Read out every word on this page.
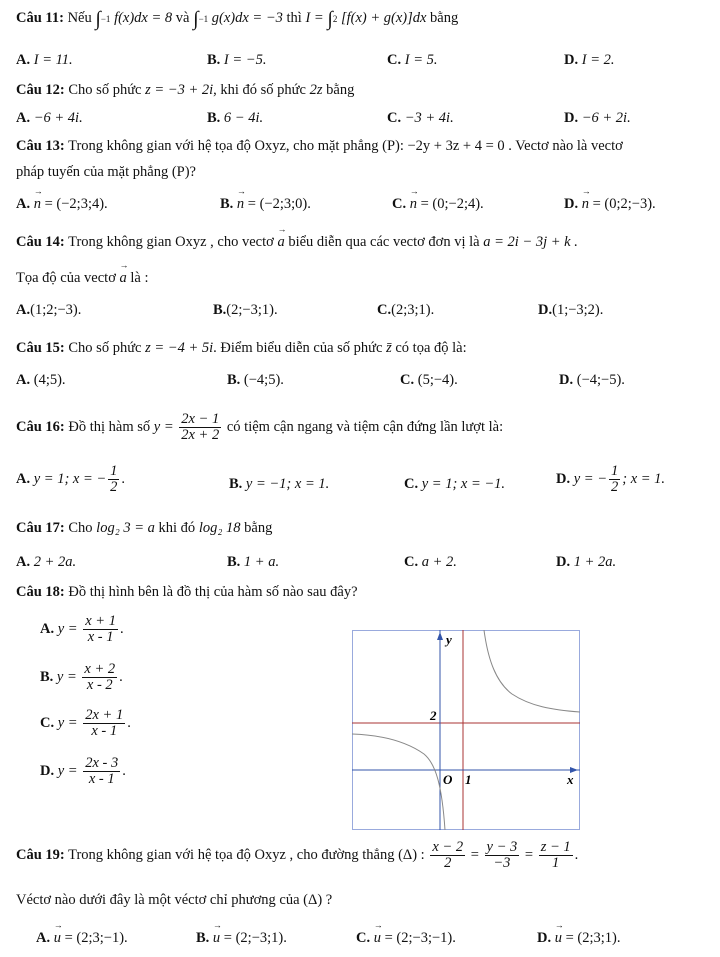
Câu 11: Nếu ∫−1 f(x)dx = 8 và ∫−1 g(x)dx = −3 thì I = ∫2 [f(x) + g(x)]dx bằng
A. I = 11.	B. I = −5.	C. I = 5.	D. I = 2.
Câu 12: Cho số phức z = −3 + 2i, khi đó số phức 2z bằng
A. −6 + 4i.	B. 6 − 4i.	C. −3 + 4i.	D. −6 + 2i.
Câu 13: Trong không gian với hệ tọa độ Oxyz, cho mặt phẳng (P): −2y + 3z + 4 = 0 . Vectơ nào là vectơ
pháp tuyến của mặt phẳng (P)?
A. → n = (−2;3;4).	B. → n = (−2;3;0).	C. → n = (0;−2;4).	D. → n = (0;2;−3).
Câu 14: Trong không gian Oxyz , cho vectơ → a biểu diễn qua các vectơ đơn vị là a = 2i − 3j + k .
Tọa độ của vectơ → a là :
A.(1;2;−3).	B.(2;−3;1).	C.(2;3;1).	D.(1;−3;2).
Câu 15: Cho số phức z = −4 + 5i. Điểm biểu diễn của số phức z̄ có tọa độ là:
A. (4;5).	B. (−4;5).	C. (5;−4).	D. (−4;−5).
Câu 16: Đồ thị hàm số $y = \frac{2x - 1}{2x + 2}$ có tiệm cận ngang và tiệm cận đứng lần lượt là:
A. y = 1; x = − $\frac{1}{2}$ .	B. y = −1; x = 1.	C. y = 1; x = −1.	D. y = − $\frac{1}{2}$ ; x = 1.
Câu 17: Cho log₂ 3 = a khi đó log₂ 18 bằng
A. 2 + 2a.	B. 1 + a.	C. a + 2.	D. 1 + 2a.
Câu 18: Đồ thị hình bên là đồ thị của hàm số nào sau đây?
A. $y = \frac{x + 1}{x - 1}$ .
B. $y = \frac{x + 2}{x - 2}$ .
C. $y = \frac{2x + 1}{x - 1}$ .
D. $y = \frac{2x - 3}{x - 1}$ .
y
x
O 1
2
Câu 19: Trong không gian với hệ tọa độ Oxyz , cho đường thẳng (Δ) : $\frac{x - 2}{2} = \frac{y - 3}{-3} = \frac{z - 1}{1}$ .
Véctơ nào dưới đây là một véctơ chỉ phương của (Δ) ?
A. → u = (2;3;−1).	B. → u = (2;−3;1).	C. → u = (2;−3;−1).	D. → u = (2;3;1).
